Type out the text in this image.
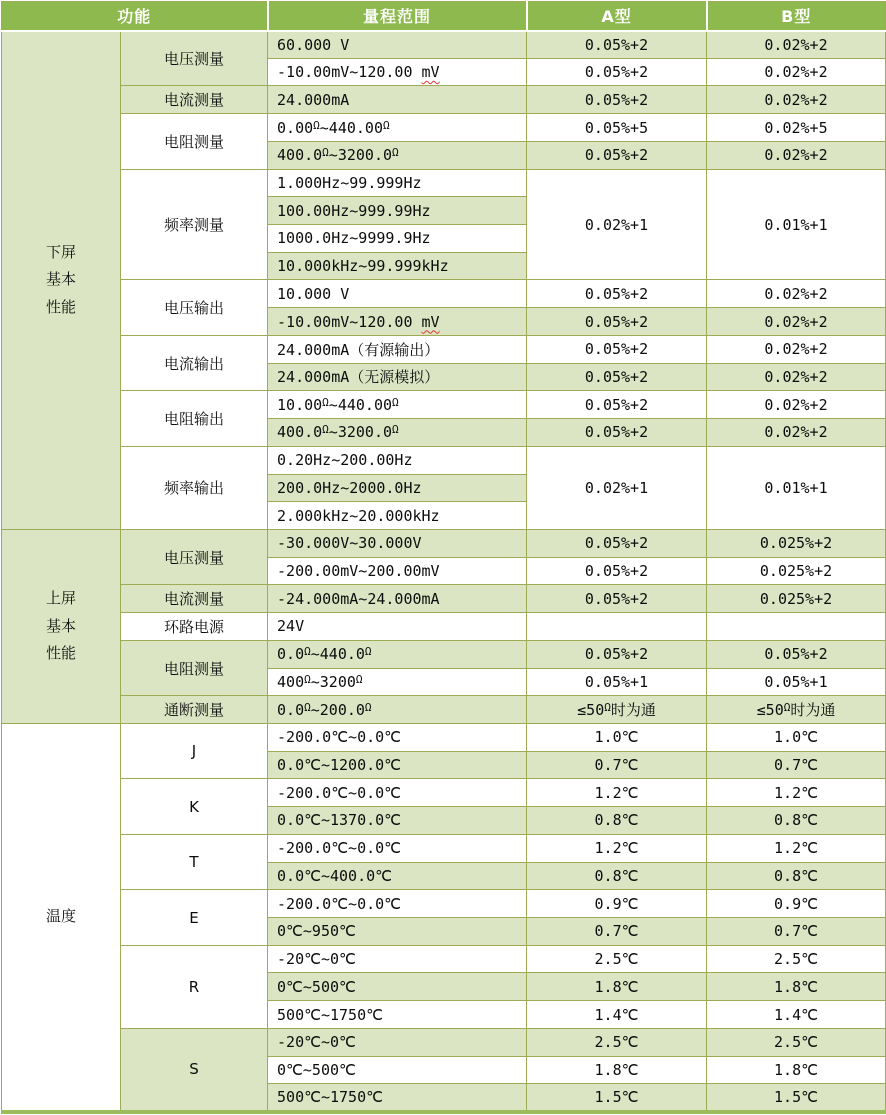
功能		量程范围	A型	B型

下屏
基本
性能	电压测量	60.000 V	0.05%+2	0.02%+2
		-10.00mV~120.00 mV	0.05%+2	0.02%+2
	电流测量	24.000mA	0.05%+2	0.02%+2
	电阻测量	$0.00^\Omega\sim 440.00^\Omega$	0.05%+5	0.02%+5
		$400.0^\Omega\sim 3200.0^\Omega$	0.05%+2	0.02%+2
	频率测量	1.000Hz~99.999Hz	0.02%+1	0.01%+1
		100.00Hz~999.99Hz		
		1000.0Hz~9999.9Hz		
		10.000kHz~99.999kHz		
	电压输出	10.000 V	0.05%+2	0.02%+2
		-10.00mV~120.00 mV	0.05%+2	0.02%+2
	电流输出	24.000mA（有源输出）	0.05%+2	0.02%+2
		24.000mA（无源模拟）	0.05%+2	0.02%+2
	电阻输出	$10.00^\Omega\sim 440.00^\Omega$	0.05%+2	0.02%+2
		$400.0^\Omega\sim 3200.0^\Omega$	0.05%+2	0.02%+2
	频率输出	0.20Hz~200.00Hz	0.02%+1	0.01%+1
		200.0Hz~2000.0Hz		
		2.000kHz~20.000kHz		

上屏
基本
性能	电压测量	-30.000V~30.000V	0.05%+2	0.025%+2
		-200.00mV~200.00mV	0.05%+2	0.025%+2
	电流测量	-24.000mA~24.000mA	0.05%+2	0.025%+2
	环路电源	24V		
	电阻测量	$0.0^\Omega\sim 440.0^\Omega$	0.05%+2	0.05%+2
		$400^\Omega\sim 3200^\Omega$	0.05%+1	0.05%+1
	通断测量	$0.0^\Omega\sim 200.0^\Omega$	$\le 50^\Omega$时为通	$\le 50^\Omega$时为通

温度	J	-200.0℃~0.0℃	1.0℃	1.0℃
		0.0℃~1200.0℃	0.7℃	0.7℃
	K	-200.0℃~0.0℃	1.2℃	1.2℃
		0.0℃~1370.0℃	0.8℃	0.8℃
	T	-200.0℃~0.0℃	1.2℃	1.2℃
		0.0℃~400.0℃	0.8℃	0.8℃
	E	-200.0℃~0.0℃	0.9℃	0.9℃
		0℃~950℃	0.7℃	0.7℃
	R	-20℃~0℃	2.5℃	2.5℃
		0℃~500℃	1.8℃	1.8℃
		500℃~1750℃	1.4℃	1.4℃
	S	-20℃~0℃	2.5℃	2.5℃
		0℃~500℃	1.8℃	1.8℃
		500℃~1750℃	1.5℃	1.5℃
